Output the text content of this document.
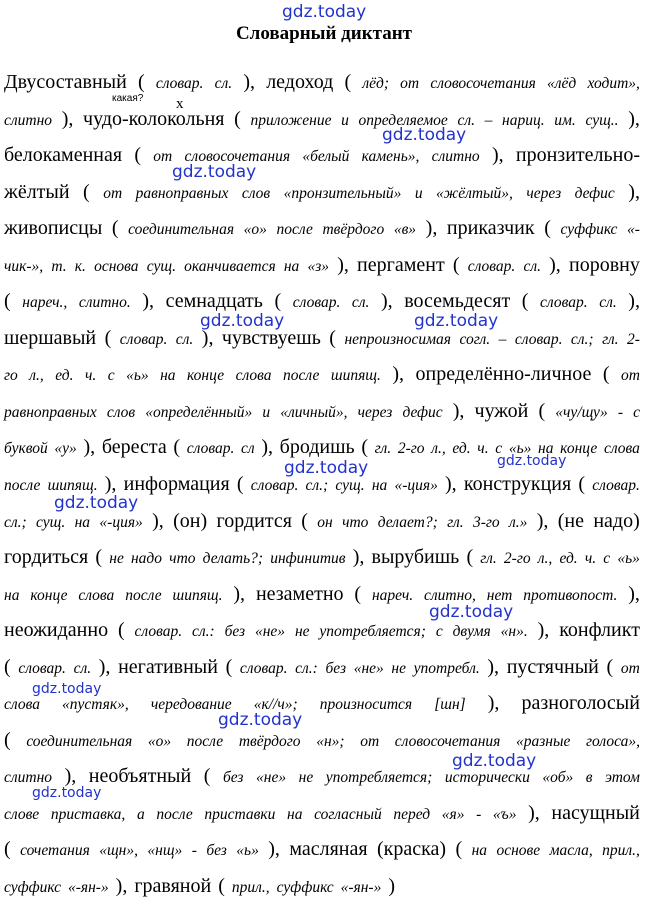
gdz.today
gdz.today
gdz.today
gdz.today	gdz.today
gdz.today	gdz.today
gdz.today
gdz.today
gdz.today
gdz.today
gdz.today
gdz.today
Словарный диктант
какая? x
Двусоставный ( словар. сл. ), ледоход ( лёд; от словосочетания «лёд ходит»,
слитно ), чудо-колокольня ( приложение и определяемое сл. – нариц. им. сущ.. ),
белокаменная ( от словосочетания «белый камень», слитно ), пронзительно-
жёлтый ( от равноправных слов «пронзительный» и «жёлтый», через дефис ),
живописцы ( соединительная «о» после твёрдого «в» ), приказчик ( суффикс «-
чик-», т. к. основа сущ. оканчивается на «з» ), пергамент ( словар. сл. ), поровну
( нареч., слитно. ), семнадцать ( словар. сл. ), восемьдесят ( словар. сл. ),
шершавый ( словар. сл. ), чувствуешь ( непроизносимая согл. – словар. сл.; гл. 2-
го л., ед. ч. с «ь» на конце слова после шипящ. ), определённо-личное ( от
равноправных слов «определённый» и «личный», через дефис ), чужой ( «чу/щу» - с
буквой «у» ), береста ( словар. сл ), бродишь ( гл. 2-го л., ед. ч. с «ь» на конце слова
после шипящ. ), информация ( словар. сл.; сущ. на «-ция» ), конструкция ( словар.
сл.; сущ. на «-ция» ), (он) гордится ( он что делает?; гл. 3-го л.» ), (не надо)
гордиться ( не надо что делать?; инфинитив ), вырубишь ( гл. 2-го л., ед. ч. с «ь»
на конце слова после шипящ. ), незаметно ( нареч. слитно, нет противопост. ),
неожиданно ( словар. сл.: без «не» не употребляется; с двумя «н». ), конфликт
( словар. сл. ), негативный ( словар. сл.: без «не» не употребл. ), пустячный ( от
слова «пустяк», чередование «к//ч»; произносится [шн] ), разноголосый
( соединительная «о» после твёрдого «н»; от словосочетания «разные голоса»,
слитно ), необъятный ( без «не» не употребляется; исторически «об» в этом
слове приставка, а после приставки на согласный перед «я» - «ъ» ), насущный
( сочетания «щн», «нщ» - без «ь» ), масляная (краска) ( на основе масла, прил.,
суффикс «-ян-» ), гравяной ( прил., суффикс «-ян-» )
